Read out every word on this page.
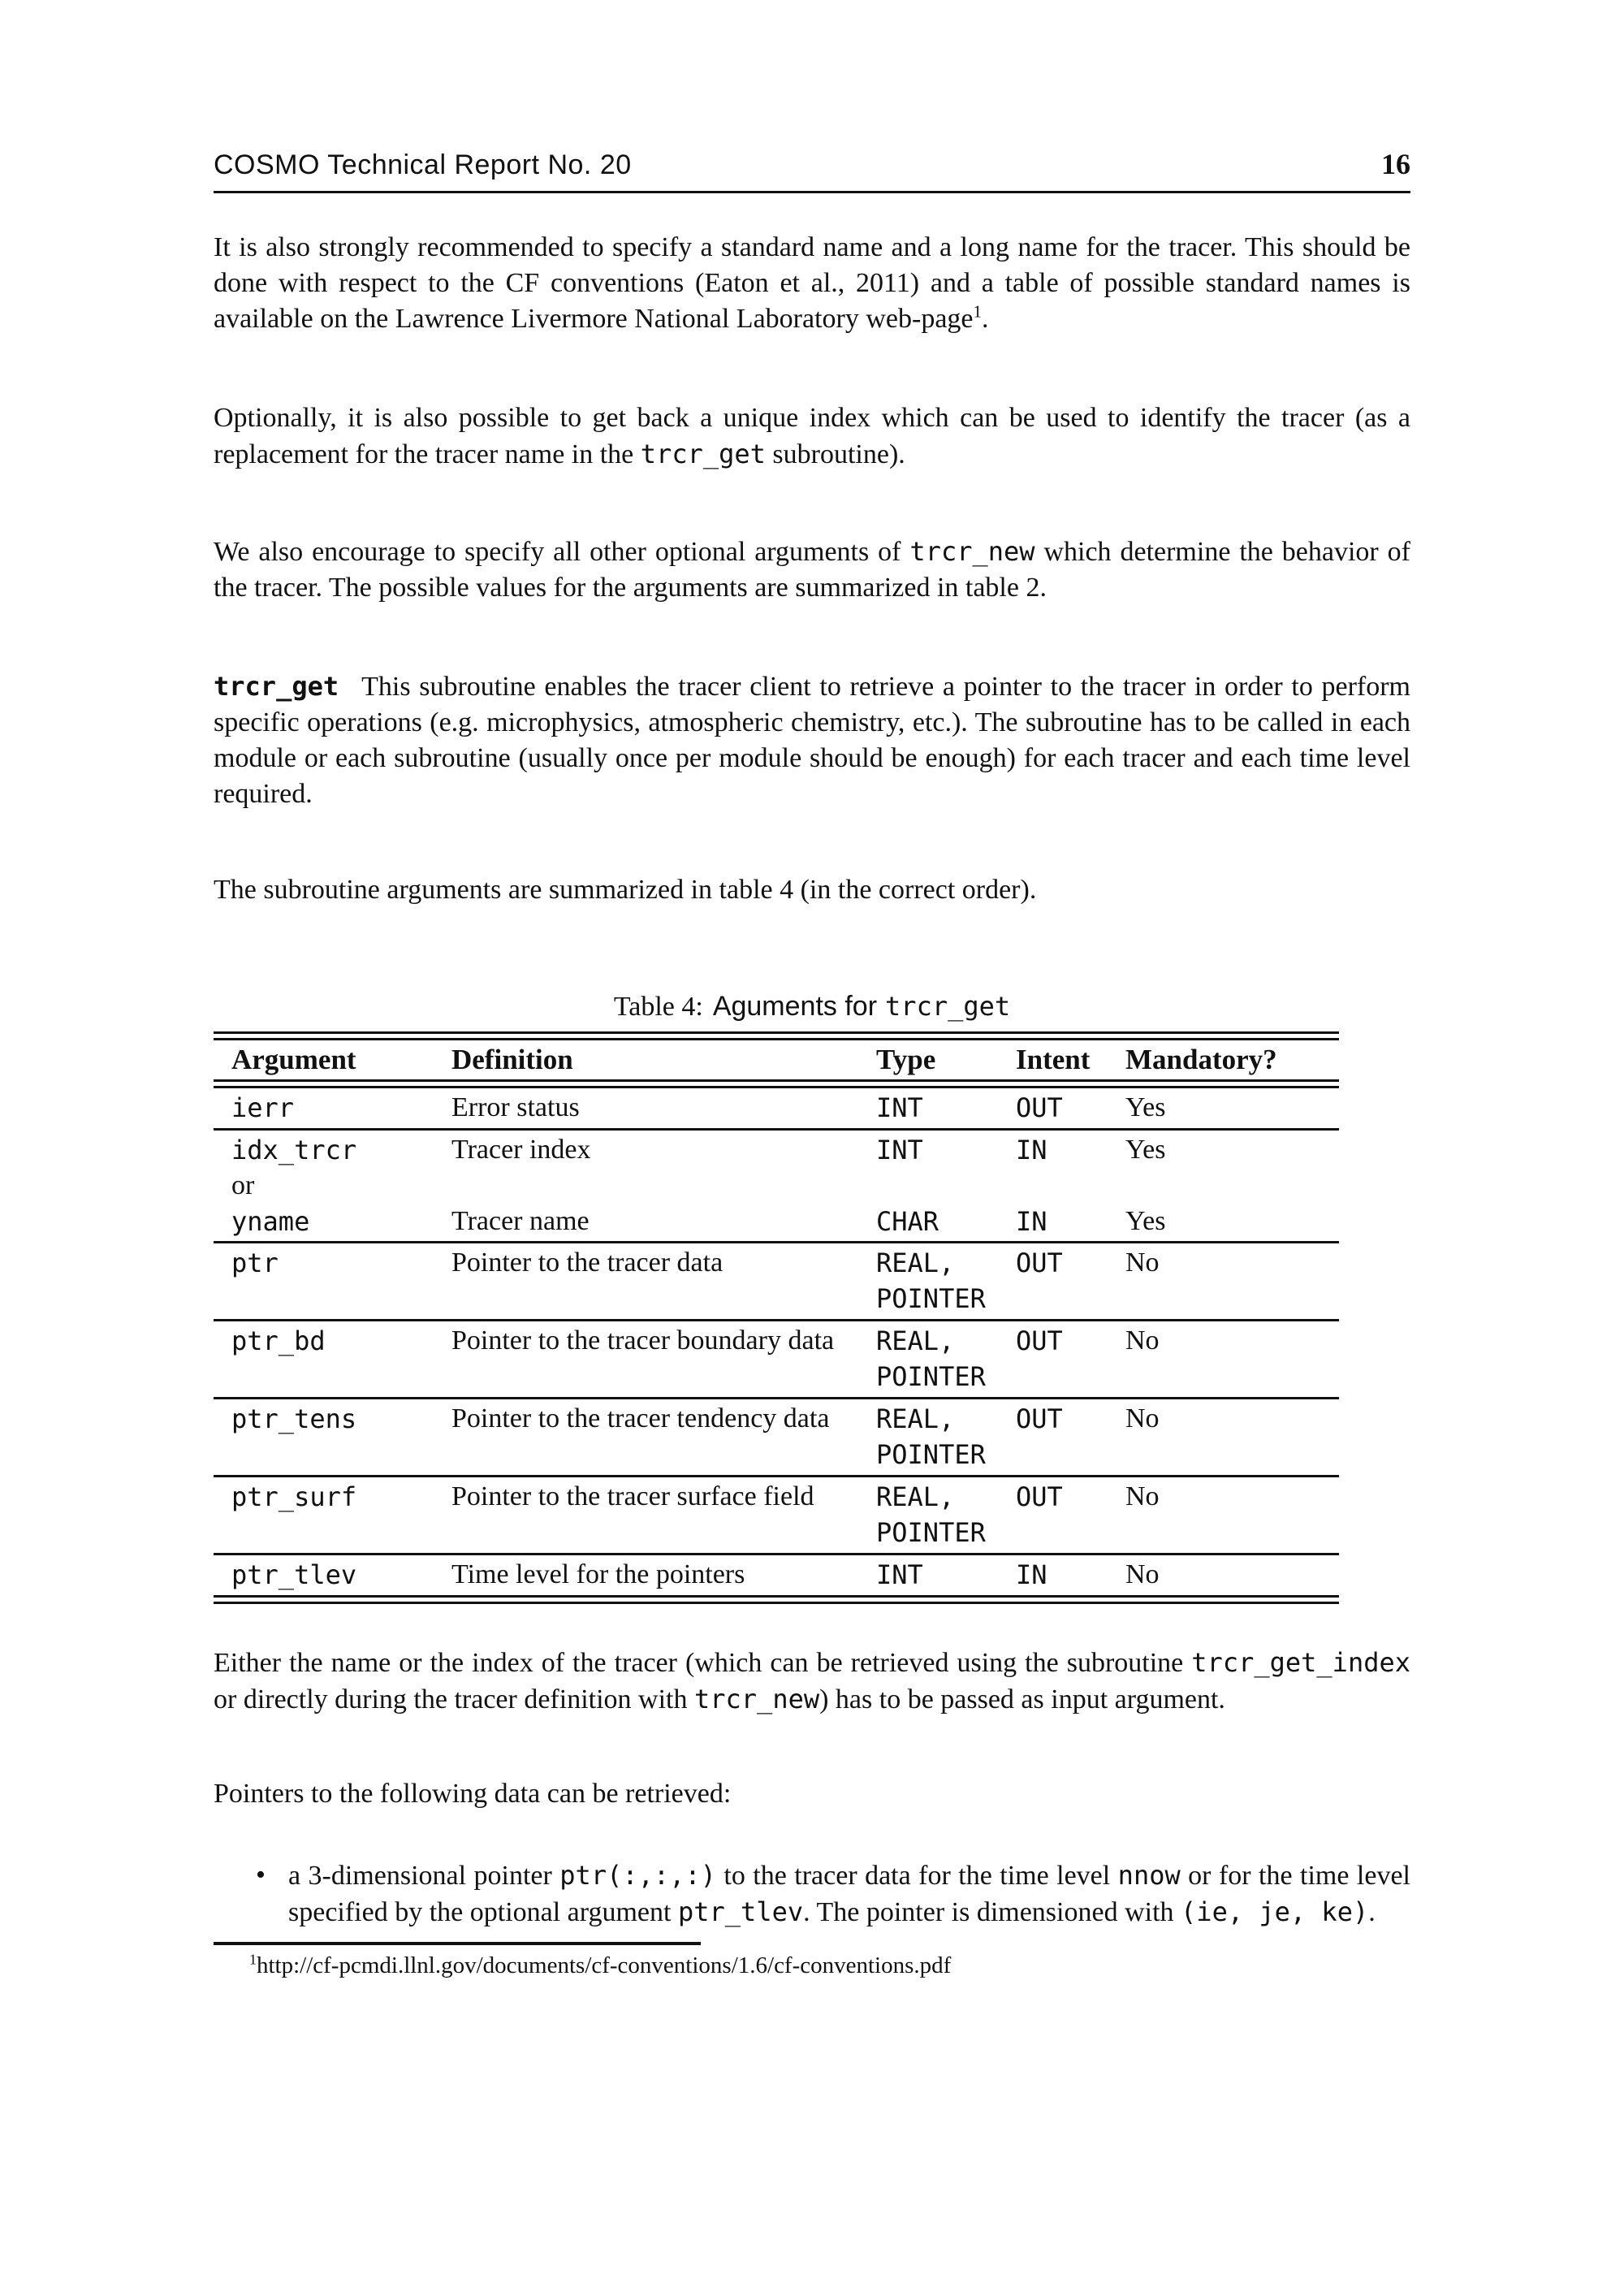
COSMO Technical Report No. 20	16
It is also strongly recommended to specify a standard name and a long name for the tracer. This should be done with respect to the CF conventions (Eaton et al., 2011) and a table of possible standard names is available on the Lawrence Livermore National Laboratory web-page$^1$.
Optionally, it is also possible to get back a unique index which can be used to identify the tracer (as a replacement for the tracer name in the trcr_get subroutine).
We also encourage to specify all other optional arguments of trcr_new which determine the behavior of the tracer. The possible values for the arguments are summarized in table 2.
trcr_get This subroutine enables the tracer client to retrieve a pointer to the tracer in order to perform specific operations (e.g. microphysics, atmospheric chemistry, etc.). The subroutine has to be called in each module or each subroutine (usually once per module should be enough) for each tracer and each time level required.
The subroutine arguments are summarized in table 4 (in the correct order).
Table 4: Aguments for trcr_get

Argument	Definition	Type	Intent	Mandatory?

ierr	Error status	INT	OUT	Yes
idx_trcr	Tracer index	INT	IN	Yes
or				
yname	Tracer name	CHAR	IN	Yes
ptr	Pointer to the tracer data	REAL, POINTER	OUT	No
ptr_bd	Pointer to the tracer boundary data	REAL, POINTER	OUT	No
ptr_tens	Pointer to the tracer tendency data	REAL, POINTER	OUT	No
ptr_surf	Pointer to the tracer surface field	REAL, POINTER	OUT	No
ptr_tlev	Time level for the pointers	INT	IN	No

Either the name or the index of the tracer (which can be retrieved using the subroutine trcr_get_index or directly during the tracer definition with trcr_new) has to be passed as input argument.
Pointers to the following data can be retrieved:
• a 3-dimensional pointer ptr(:,:,:) to the tracer data for the time level nnow or for the time level specified by the optional argument ptr_tlev. The pointer is dimensioned with (ie, je, ke).
$^1$http://cf-pcmdi.llnl.gov/documents/cf-conventions/1.6/cf-conventions.pdf
